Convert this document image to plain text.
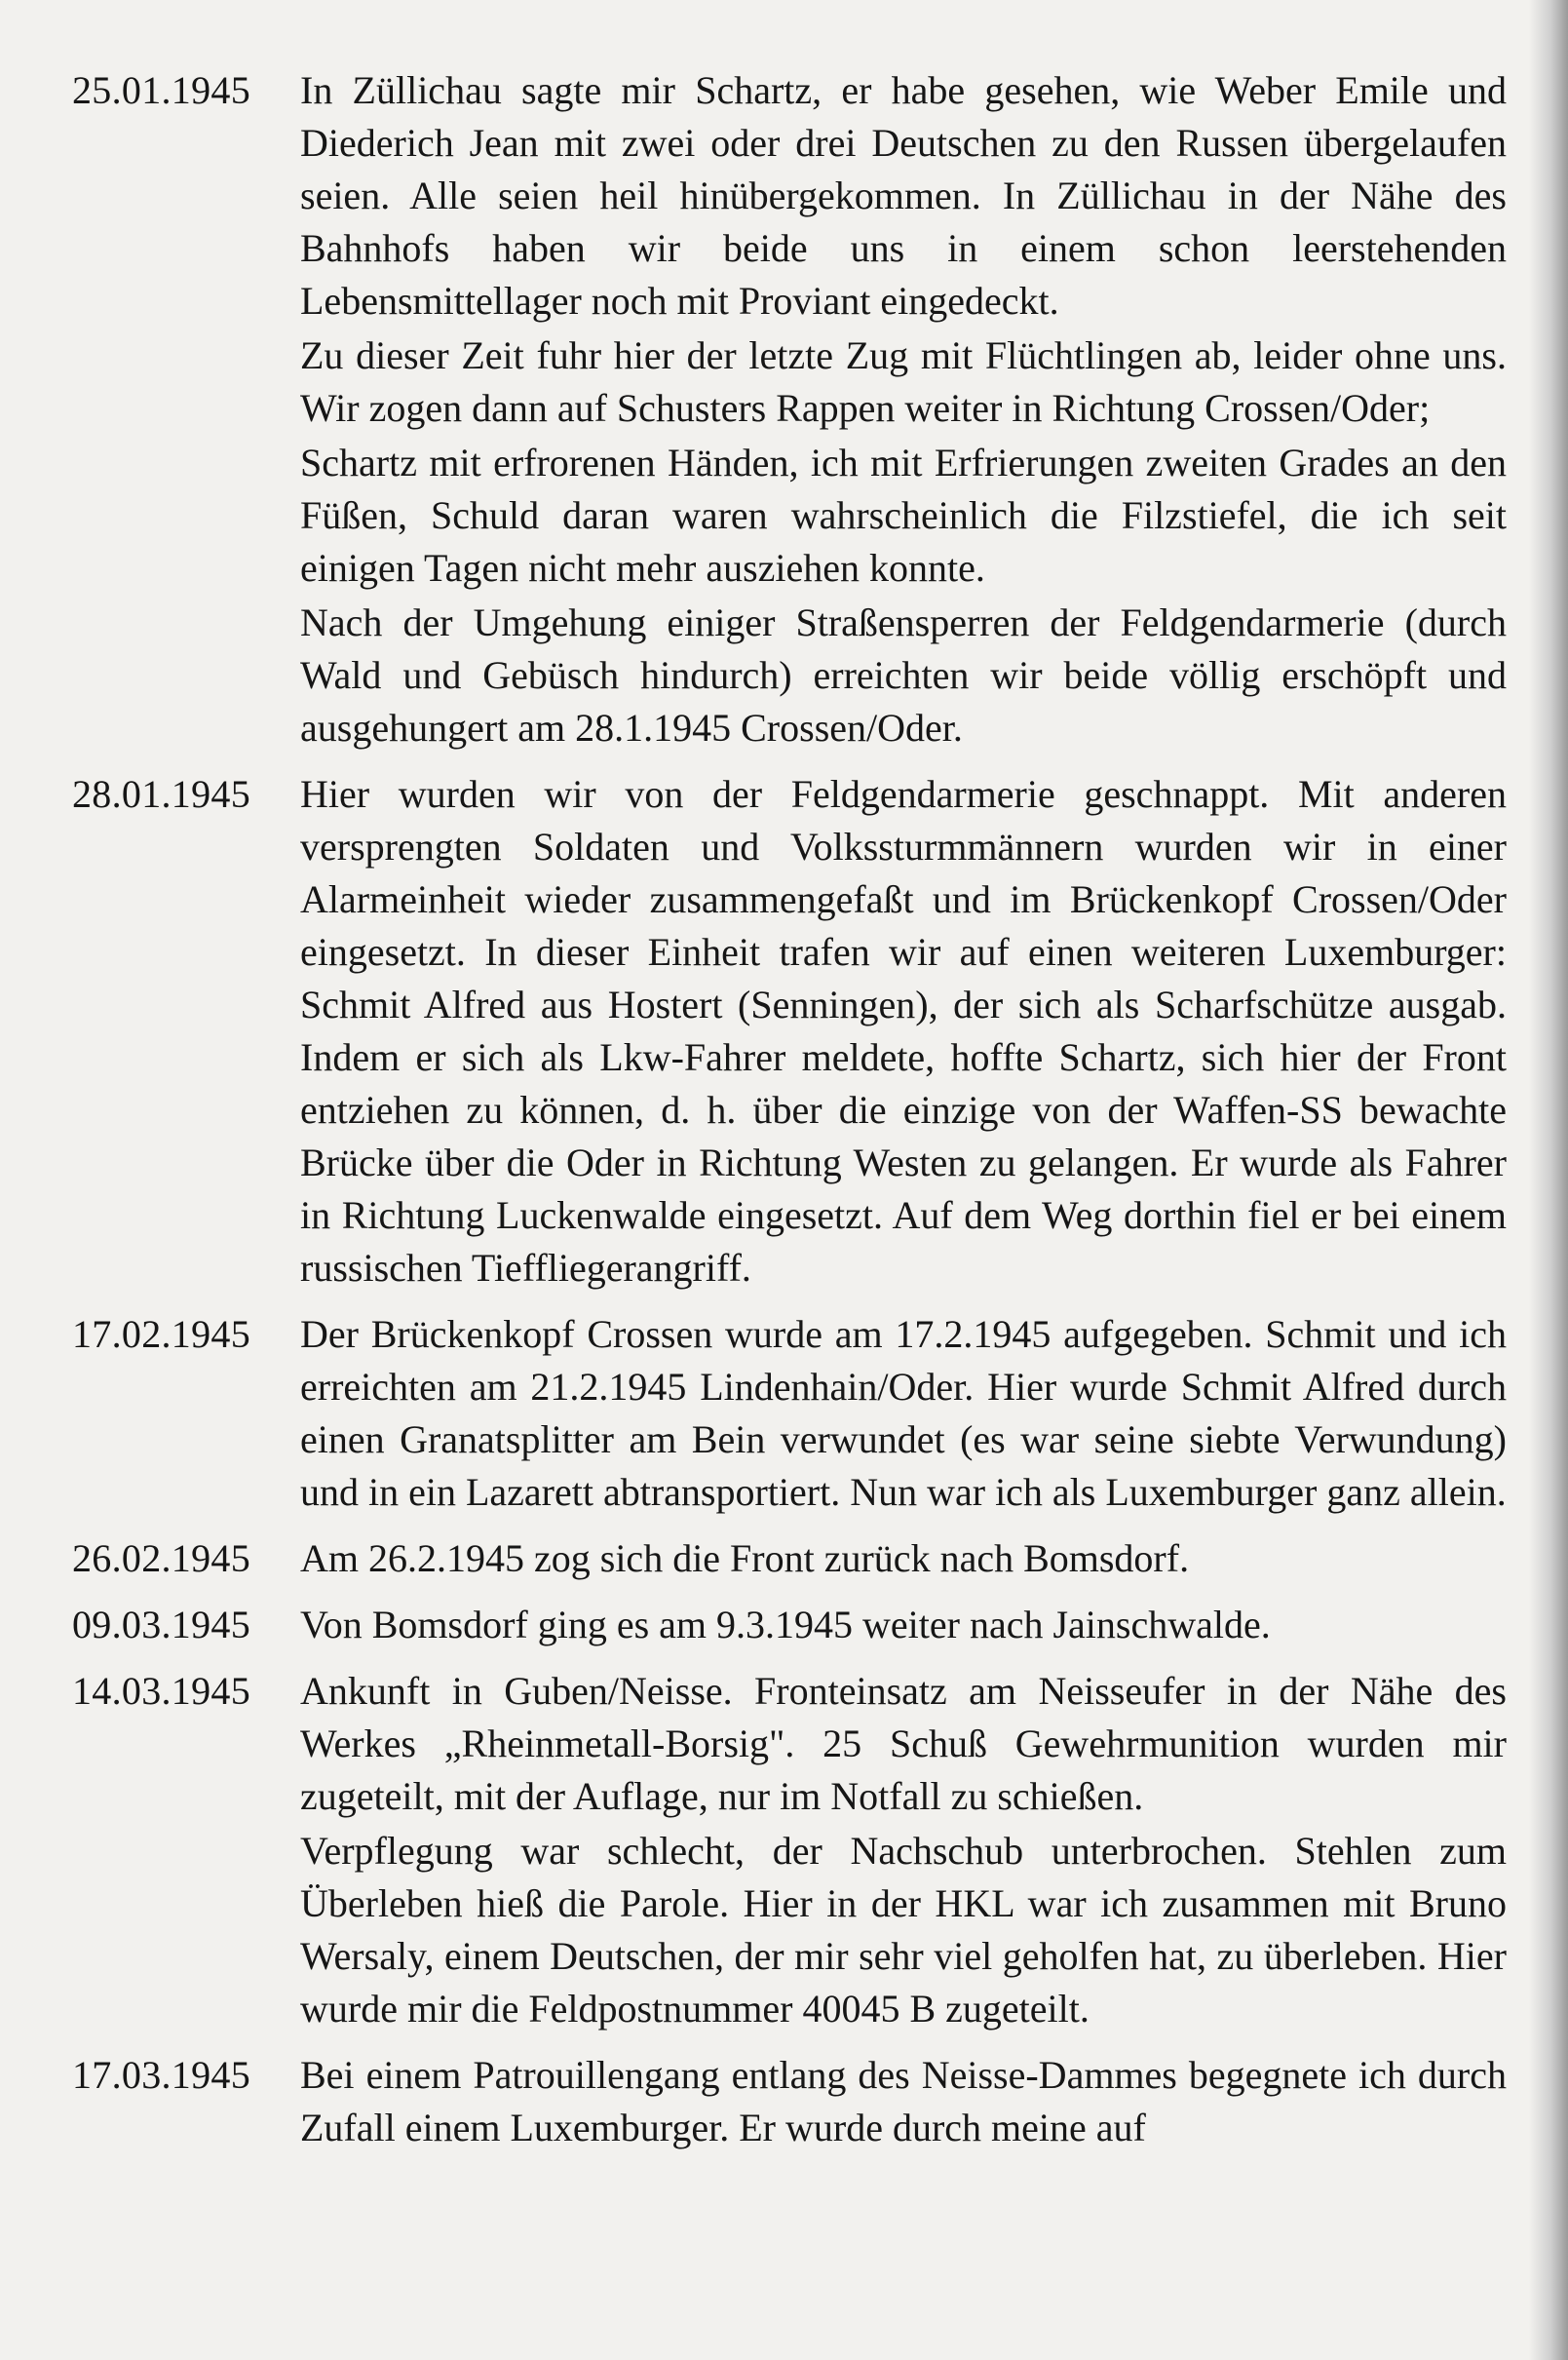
25.01.1945	In Züllichau sagte mir Schartz, er habe gesehen, wie Weber Emile und Diederich Jean mit zwei oder drei Deutschen zu den Russen übergelaufen seien. Alle seien heil hinübergekommen. In Züllichau in der Nähe des Bahnhofs haben wir beide uns in einem schon leerstehenden Lebensmittellager noch mit Proviant eingedeckt.

Zu dieser Zeit fuhr hier der letzte Zug mit Flüchtlingen ab, leider ohne uns. Wir zogen dann auf Schusters Rappen weiter in Richtung Crossen/Oder;

Schartz mit erfrorenen Händen, ich mit Erfrierungen zweiten Grades an den Füßen, Schuld daran waren wahrscheinlich die Filzstiefel, die ich seit einigen Tagen nicht mehr ausziehen konnte.

Nach der Umgehung einiger Straßensperren der Feldgendarmerie (durch Wald und Gebüsch hindurch) erreichten wir beide völlig erschöpft und ausgehungert am 28.1.1945 Crossen/Oder.

28.01.1945	Hier wurden wir von der Feldgendarmerie geschnappt. Mit anderen versprengten Soldaten und Volkssturmmännern wurden wir in einer Alarmeinheit wieder zusammengefaßt und im Brückenkopf Crossen/Oder eingesetzt. In dieser Einheit trafen wir auf einen weiteren Luxemburger: Schmit Alfred aus Hostert (Senningen), der sich als Scharfschütze ausgab. Indem er sich als Lkw-Fahrer meldete, hoffte Schartz, sich hier der Front entziehen zu können, d. h. über die einzige von der Waffen-SS bewachte Brücke über die Oder in Richtung Westen zu gelangen. Er wurde als Fahrer in Richtung Luckenwalde eingesetzt. Auf dem Weg dorthin fiel er bei einem russischen Tieffliegerangriff.

17.02.1945	Der Brückenkopf Crossen wurde am 17.2.1945 aufgegeben. Schmit und ich erreichten am 21.2.1945 Lindenhain/Oder. Hier wurde Schmit Alfred durch einen Granatsplitter am Bein verwundet (es war seine siebte Verwundung) und in ein Lazarett abtransportiert. Nun war ich als Luxemburger ganz allein.

26.02.1945	Am 26.2.1945 zog sich die Front zurück nach Bomsdorf.

09.03.1945	Von Bomsdorf ging es am 9.3.1945 weiter nach Jainschwalde.

14.03.1945	Ankunft in Guben/Neisse. Fronteinsatz am Neisseufer in der Nähe des Werkes „Rheinmetall-Borsig". 25 Schuß Gewehrmunition wurden mir zugeteilt, mit der Auflage, nur im Notfall zu schießen.

Verpflegung war schlecht, der Nachschub unterbrochen. Stehlen zum Überleben hieß die Parole. Hier in der HKL war ich zusammen mit Bruno Wersaly, einem Deutschen, der mir sehr viel geholfen hat, zu überleben. Hier wurde mir die Feldpostnummer 40045 B zugeteilt.

17.03.1945	Bei einem Patrouillengang entlang des Neisse-Dammes begegnete ich durch Zufall einem Luxemburger. Er wurde durch meine auf
